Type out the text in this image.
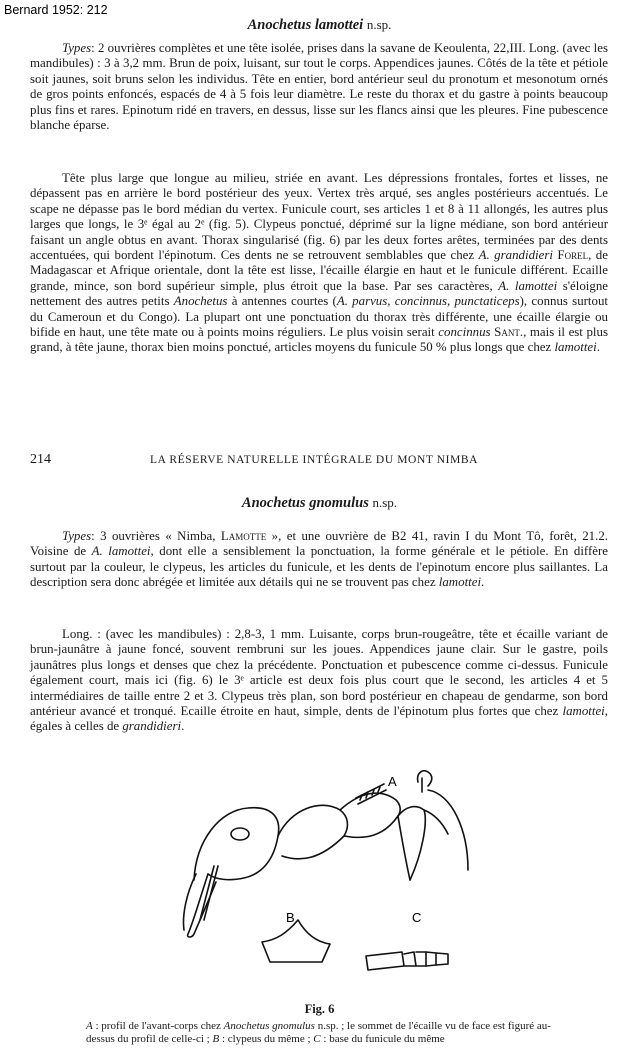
Bernard 1952: 212
Anochetus lamottei n.sp.
Types: 2 ouvrières complètes et une tête isolée, prises dans la savane de Keoulenta, 22,III. Long. (avec les mandibules) : 3 à 3,2 mm. Brun de poix, luisant, sur tout le corps. Appendices jaunes. Côtés de la tête et pétiole soit jaunes, soit bruns selon les individus. Tête en entier, bord antérieur seul du pronotum et mesonotum ornés de gros points enfoncés, espacés de 4 à 5 fois leur diamètre. Le reste du thorax et du gastre à points beaucoup plus fins et rares. Epinotum ridé en travers, en dessus, lisse sur les flancs ainsi que les pleures. Fine pubescence blanche éparse.
Tête plus large que longue au milieu, striée en avant. Les dépressions frontales, fortes et lisses, ne dépassent pas en arrière le bord postérieur des yeux. Vertex très arqué, ses angles postérieurs accentués. Le scape ne dépasse pas le bord médian du vertex. Funicule court, ses articles 1 et 8 à 11 allongés, les autres plus larges que longs, le 3ᵉ égal au 2ᵉ (fig. 5). Clypeus ponctué, déprimé sur la ligne médiane, son bord antérieur faisant un angle obtus en avant. Thorax singularisé (fig. 6) par les deux fortes arêtes, terminées par des dents accentuées, qui bordent l'épinotum. Ces dents ne se retrouvent semblables que chez A. grandidieri Forel, de Madagascar et Afrique orientale, dont la tête est lisse, l'écaille élargie en haut et le funicule différent. Ecaille grande, mince, son bord supérieur simple, plus étroit que la base. Par ses caractères, A. lamottei s'éloigne nettement des autres petits Anochetus à antennes courtes (A. parvus, concinnus, punctaticeps), connus surtout du Cameroun et du Congo). La plupart ont une ponctuation du thorax très différente, une écaille élargie ou bifide en haut, une tête mate ou à points moins réguliers. Le plus voisin serait concinnus Sant., mais il est plus grand, à tête jaune, thorax bien moins ponctué, articles moyens du funicule 50 % plus longs que chez lamottei.
214	LA RÉSERVE NATURELLE INTÉGRALE DU MONT NIMBA
Anochetus gnomulus n.sp.
Types: 3 ouvrières « Nimba, Lamotte », et une ouvrière de B2 41, ravin I du Mont Tô, forêt, 21.2. Voisine de A. lamottei, dont elle a sensiblement la ponctuation, la forme générale et le pétiole. En diffère surtout par la couleur, le clypeus, les articles du funicule, et les dents de l'epinotum encore plus saillantes. La description sera donc abrégée et limitée aux détails qui ne se trouvent pas chez lamottei.
Long. : (avec les mandibules) : 2,8-3, 1 mm. Luisante, corps brun-rougeâtre, tête et écaille variant de brun-jaunâtre à jaune foncé, souvent rembruni sur les joues. Appendices jaune clair. Sur le gastre, poils jaunâtres plus longs et denses que chez la précédente. Ponctuation et pubescence comme ci-dessus. Funicule également court, mais ici (fig. 6) le 3ᵉ article est deux fois plus court que le second, les articles 4 et 5 intermédiaires de taille entre 2 et 3. Clypeus très plan, son bord postérieur en chapeau de gendarme, son bord antérieur avancé et tronqué. Ecaille étroite en haut, simple, dents de l'épinotum plus fortes que chez lamottei, égales à celles de grandidieri.
A
B	C
Fig. 6
A : profil de l'avant-corps chez Anochetus gnomulus n.sp. ; le sommet de l'écaille vu de face est figuré au-dessus du profil de celle-ci ; B : clypeus du même ; C : base du funicule du même
